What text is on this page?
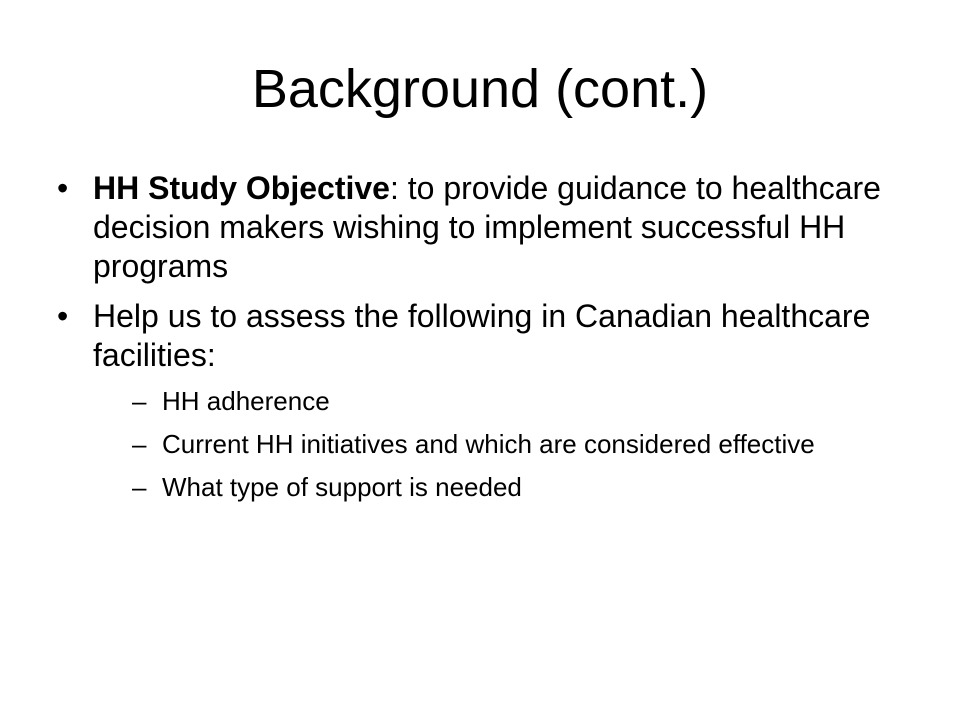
Background (cont.)
• HH Study Objective: to provide guidance to healthcare decision makers wishing to implement successful HH programs
• Help us to assess the following in Canadian healthcare facilities:
– HH adherence
– Current HH initiatives and which are considered effective
– What type of support is needed
